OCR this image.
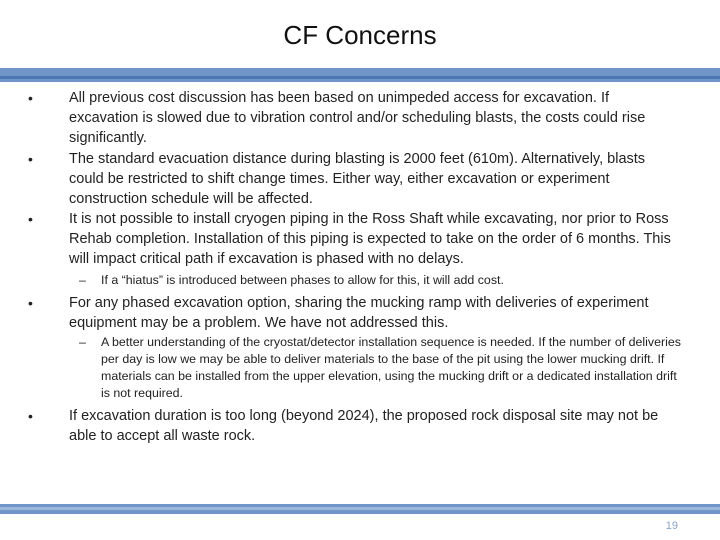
CF Concerns
• All previous cost discussion has been based on unimpeded access for excavation. If excavation is slowed due to vibration control and/or scheduling blasts, the costs could rise significantly.
• The standard evacuation distance during blasting is 2000 feet (610m). Alternatively, blasts could be restricted to shift change times. Either way, either excavation or experiment construction schedule will be affected.
• It is not possible to install cryogen piping in the Ross Shaft while excavating, nor prior to Ross Rehab completion. Installation of this piping is expected to take on the order of 6 months. This will impact critical path if excavation is phased with no delays.
– If a “hiatus” is introduced between phases to allow for this, it will add cost.
• For any phased excavation option, sharing the mucking ramp with deliveries of experiment equipment may be a problem. We have not addressed this.
– A better understanding of the cryostat/detector installation sequence is needed. If the number of deliveries per day is low we may be able to deliver materials to the base of the pit using the lower mucking drift. If materials can be installed from the upper elevation, using the mucking drift or a dedicated installation drift is not required.
• If excavation duration is too long (beyond 2024), the proposed rock disposal site may not be able to accept all waste rock.
19
